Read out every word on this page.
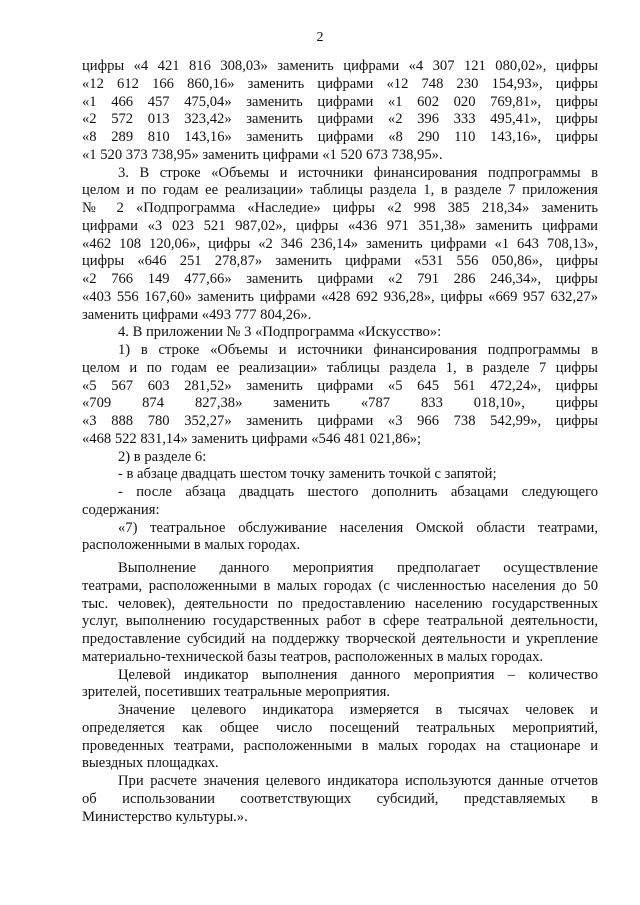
2
цифры «4 421 816 308,03» заменить цифрами «4 307 121 080,02», цифры
«12 612 166 860,16» заменить цифрами «12 748 230 154,93», цифры
«1 466 457 475,04» заменить цифрами «1 602 020 769,81», цифры
«2 572 013 323,42» заменить цифрами «2 396 333 495,41», цифры
«8 289 810 143,16» заменить цифрами «8 290 110 143,16», цифры
«1 520 373 738,95» заменить цифрами «1 520 673 738,95».
3. В строке «Объемы и источники финансирования подпрограммы в
целом и по годам ее реализации» таблицы раздела 1, в разделе 7 приложения
№ 2 «Подпрограмма «Наследие» цифры «2 998 385 218,34» заменить
цифрами «3 023 521 987,02», цифры «436 971 351,38» заменить цифрами
«462 108 120,06», цифры «2 346 236,14» заменить цифрами «1 643 708,13»,
цифры «646 251 278,87» заменить цифрами «531 556 050,86», цифры
«2 766 149 477,66» заменить цифрами «2 791 286 246,34», цифры
«403 556 167,60» заменить цифрами «428 692 936,28», цифры «669 957 632,27»
заменить цифрами «493 777 804,26».
4. В приложении № 3 «Подпрограмма «Искусство»:
1) в строке «Объемы и источники финансирования подпрограммы в
целом и по годам ее реализации» таблицы раздела 1, в разделе 7 цифры
«5 567 603 281,52» заменить цифрами «5 645 561 472,24», цифры
«709 874 827,38» заменить «787 833 018,10», цифры
«3 888 780 352,27» заменить цифрами «3 966 738 542,99», цифры
«468 522 831,14» заменить цифрами «546 481 021,86»;
2) в разделе 6:
- в абзаце двадцать шестом точку заменить точкой с запятой;
- после абзаца двадцать шестого дополнить абзацами следующего
содержания:
«7) театральное обслуживание населения Омской области театрами,
расположенными в малых городах.
Выполнение данного мероприятия предполагает осуществление
театрами, расположенными в малых городах (с численностью населения до 50
тыс. человек), деятельности по предоставлению населению государственных
услуг, выполнению государственных работ в сфере театральной деятельности,
предоставление субсидий на поддержку творческой деятельности и укрепление
материально-технической базы театров, расположенных в малых городах.
Целевой индикатор выполнения данного мероприятия – количество
зрителей, посетивших театральные мероприятия.
Значение целевого индикатора измеряется в тысячах человек и
определяется как общее число посещений театральных мероприятий,
проведенных театрами, расположенными в малых городах на стационаре и
выездных площадках.
При расчете значения целевого индикатора используются данные отчетов
об использовании соответствующих субсидий, представляемых в
Министерство культуры.».
